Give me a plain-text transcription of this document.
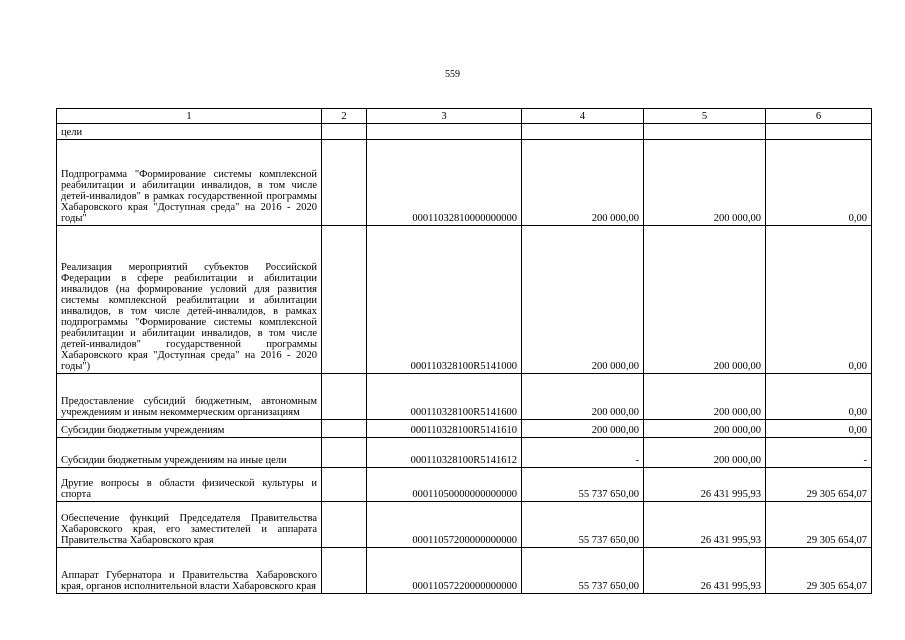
559
1	2	3	4	5	6
цели					
Подпрограмма "Формирование системы комплексной реабилитации и абилитации инвалидов, в том числе детей-инвалидов" в рамках государственной программы Хабаровского края "Доступная среда" на 2016 - 2020 годы"		00011032810000000000	200 000,00	200 000,00	0,00
Реализация мероприятий субъектов Российской Федерации в сфере реабилитации и абилитации инвалидов (на формирование условий для развития системы комплексной реабилитации и абилитации инвалидов, в том числе детей-инвалидов, в рамках подпрограммы "Формирование системы комплексной реабилитации и абилитации инвалидов, в том числе детей-инвалидов" государственной программы Хабаровского края "Доступная среда" на 2016 - 2020 годы")		000110328100R5141000	200 000,00	200 000,00	0,00
Предоставление субсидий бюджетным, автономным учреждениям и иным некоммерческим организациям		000110328100R5141600	200 000,00	200 000,00	0,00
Субсидии бюджетным учреждениям		000110328100R5141610	200 000,00	200 000,00	0,00
Субсидии бюджетным учреждениям на иные цели		000110328100R5141612	-	200 000,00	-
Другие вопросы в области физической культуры и спорта		00011050000000000000	55 737 650,00	26 431 995,93	29 305 654,07
Обеспечение функций Председателя Правительства Хабаровского края, его заместителей и аппарата Правительства Хабаровского края		00011057200000000000	55 737 650,00	26 431 995,93	29 305 654,07
Аппарат Губернатора и Правительства Хабаровского края, органов исполнительной власти Хабаровского края		00011057220000000000	55 737 650,00	26 431 995,93	29 305 654,07
